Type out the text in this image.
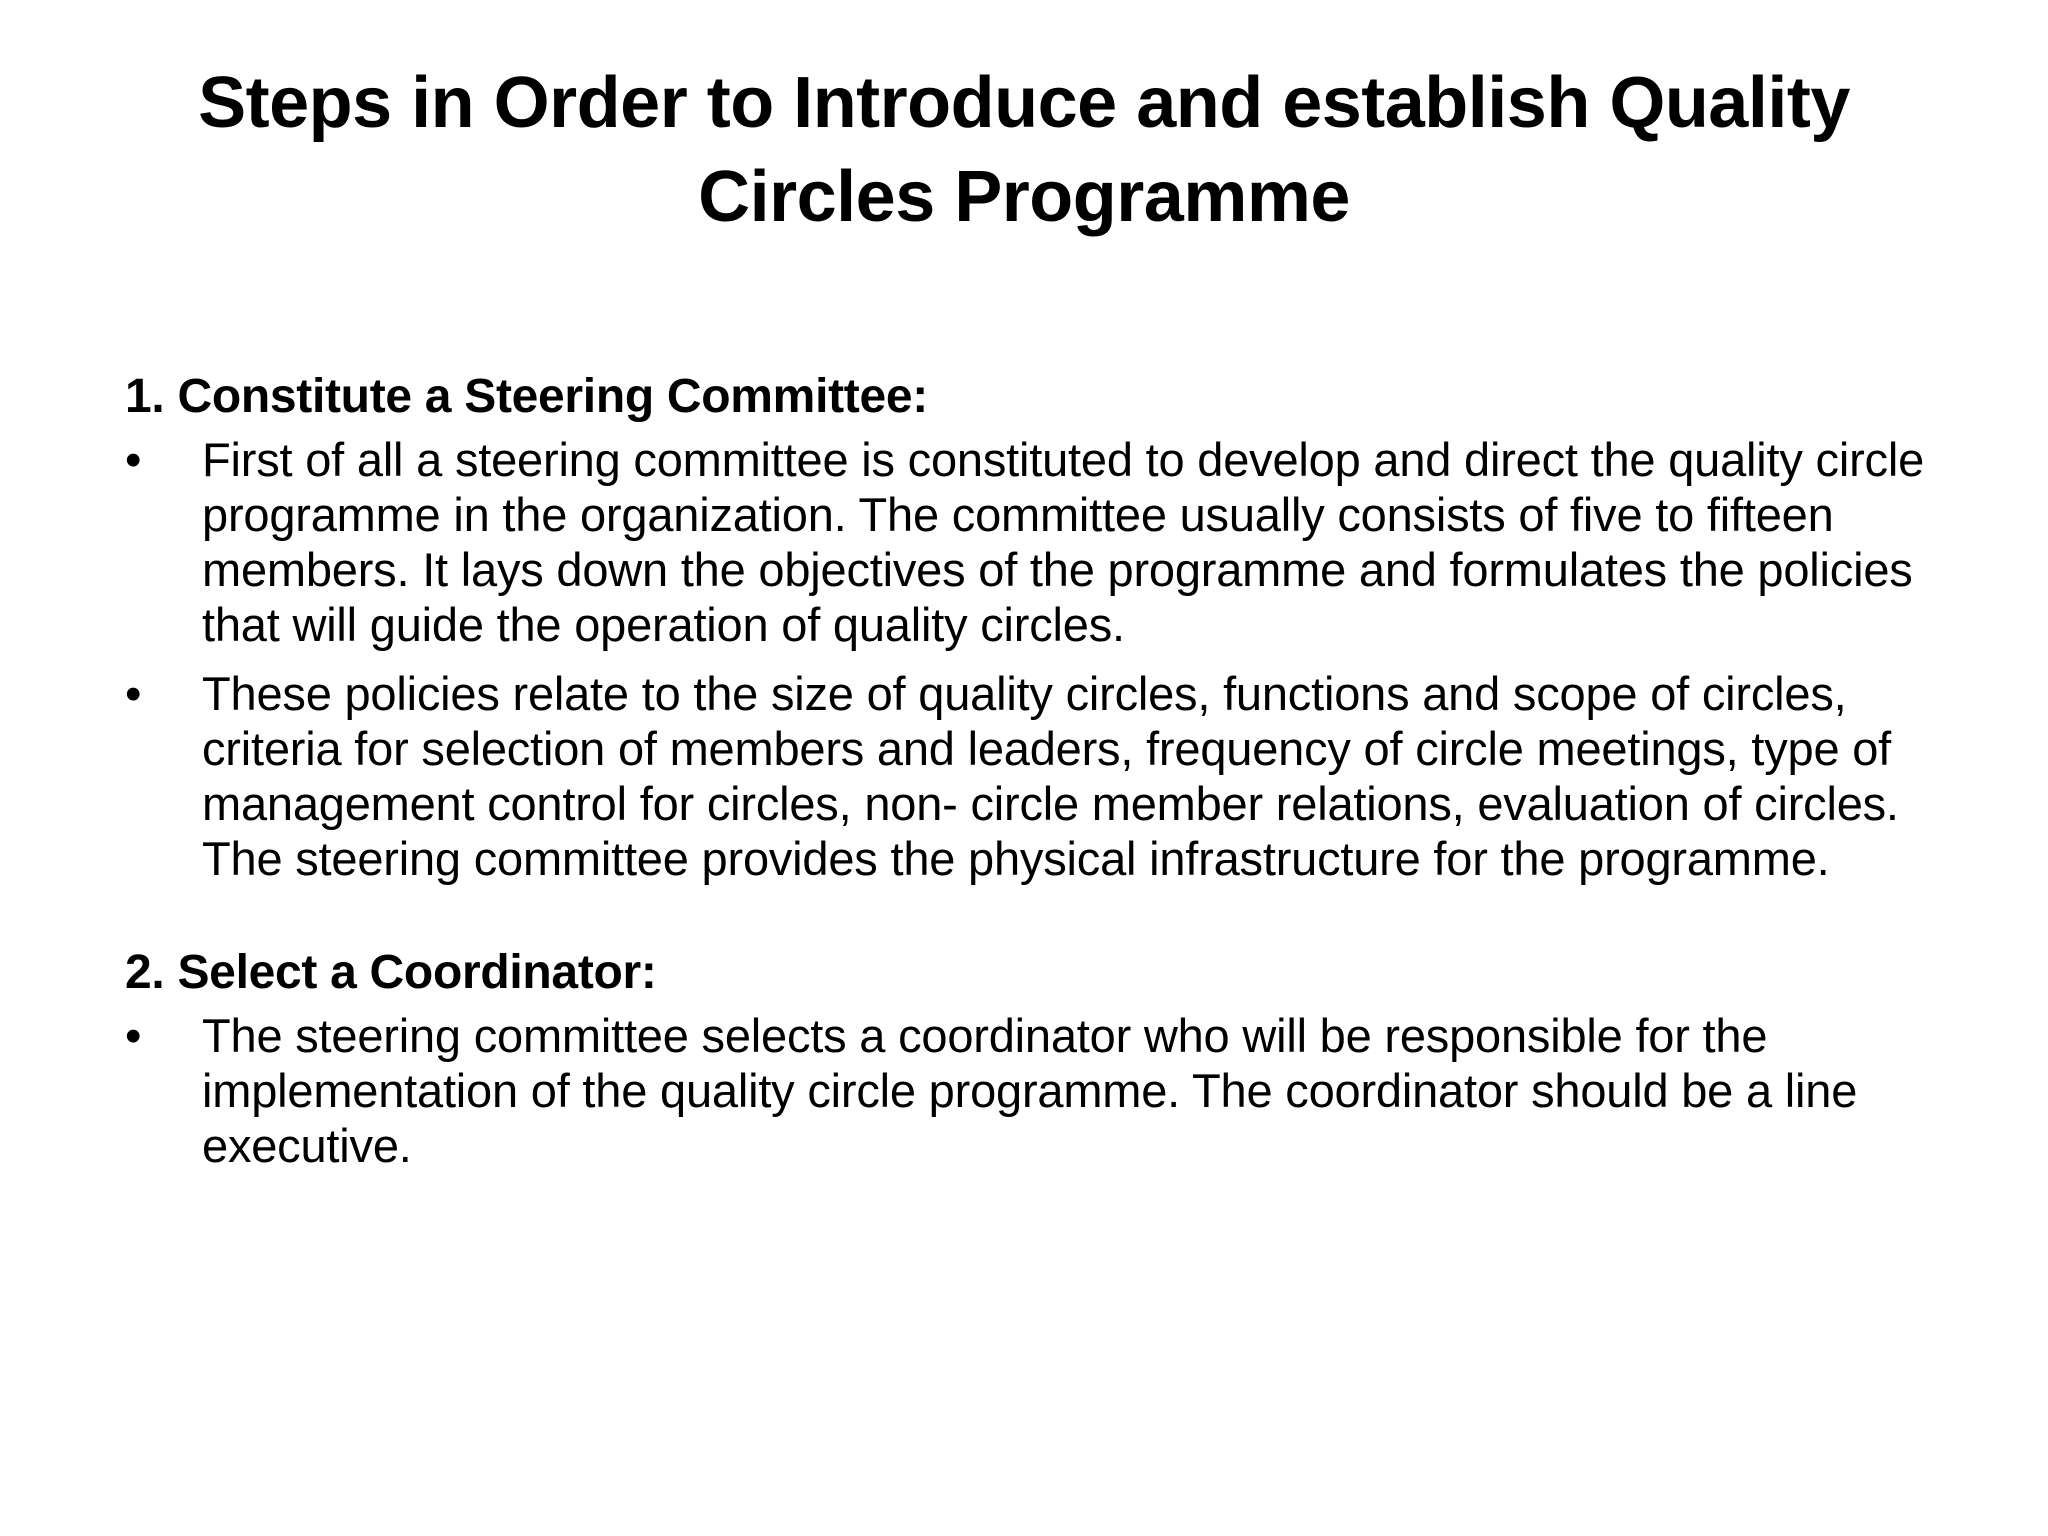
Steps in Order to Introduce and establish Quality
Circles Programme

1. Constitute a Steering Committee:

•	First of all a steering committee is constituted to develop and direct the quality circle programme in the organization. The committee usually consists of five to fifteen members. It lays down the objectives of the programme and formulates the policies that will guide the operation of quality circles.
•	These policies relate to the size of quality circles, functions and scope of circles, criteria for selection of members and leaders, frequency of circle meetings, type of management control for circles, non- circle member relations, evaluation of circles. The steering committee provides the physical infrastructure for the programme.

2. Select a Coordinator:

•	The steering committee selects a coordinator who will be responsible for the implementation of the quality circle programme. The coordinator should be a line executive.
